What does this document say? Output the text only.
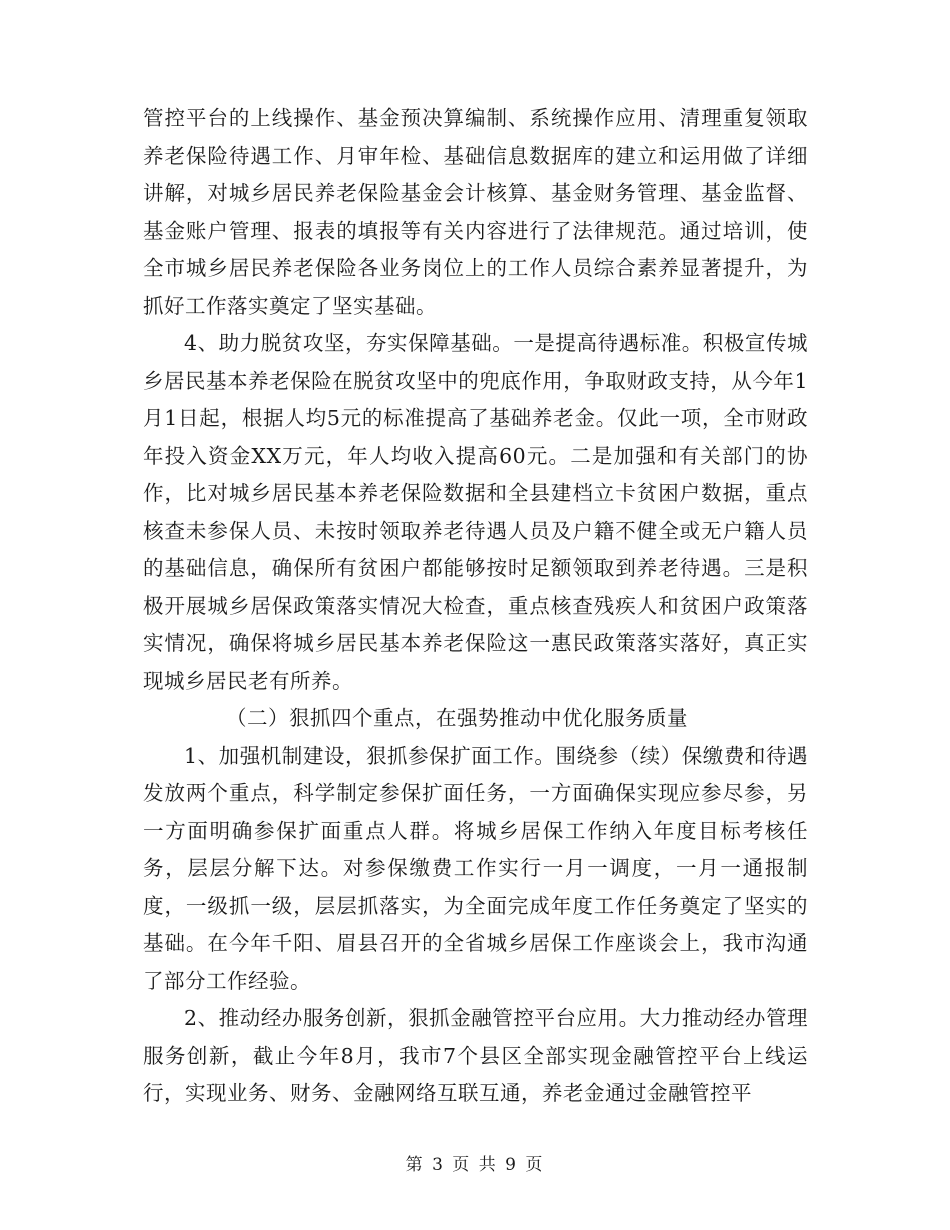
管控平台的上线操作、基金预决算编制、系统操作应用、清理重复领取养老保险待遇工作、月审年检、基础信息数据库的建立和运用做了详细讲解，对城乡居民养老保险基金会计核算、基金财务管理、基金监督、基金账户管理、报表的填报等有关内容进行了法律规范。通过培训，使全市城乡居民养老保险各业务岗位上的工作人员综合素养显著提升，为抓好工作落实奠定了坚实基础。

4、助力脱贫攻坚，夯实保障基础。一是提高待遇标准。积极宣传城乡居民基本养老保险在脱贫攻坚中的兜底作用，争取财政支持，从今年1月1日起，根据人均5元的标准提高了基础养老金。仅此一项，全市财政年投入资金XX万元，年人均收入提高60元。二是加强和有关部门的协作，比对城乡居民基本养老保险数据和全县建档立卡贫困户数据，重点核查未参保人员、未按时领取养老待遇人员及户籍不健全或无户籍人员的基础信息，确保所有贫困户都能够按时足额领取到养老待遇。三是积极开展城乡居保政策落实情况大检查，重点核查残疾人和贫困户政策落实情况，确保将城乡居民基本养老保险这一惠民政策落实落好，真正实现城乡居民老有所养。

（二）狠抓四个重点，在强势推动中优化服务质量

1、加强机制建设，狠抓参保扩面工作。围绕参（续）保缴费和待遇发放两个重点，科学制定参保扩面任务，一方面确保实现应参尽参，另一方面明确参保扩面重点人群。将城乡居保工作纳入年度目标考核任务，层层分解下达。对参保缴费工作实行一月一调度，一月一通报制度，一级抓一级，层层抓落实，为全面完成年度工作任务奠定了坚实的基础。在今年千阳、眉县召开的全省城乡居保工作座谈会上，我市沟通了部分工作经验。

2、推动经办服务创新，狠抓金融管控平台应用。大力推动经办管理服务创新，截止今年8月，我市7个县区全部实现金融管控平台上线运行，实现业务、财务、金融网络互联互通，养老金通过金融管控平

第 3 页 共 9 页
